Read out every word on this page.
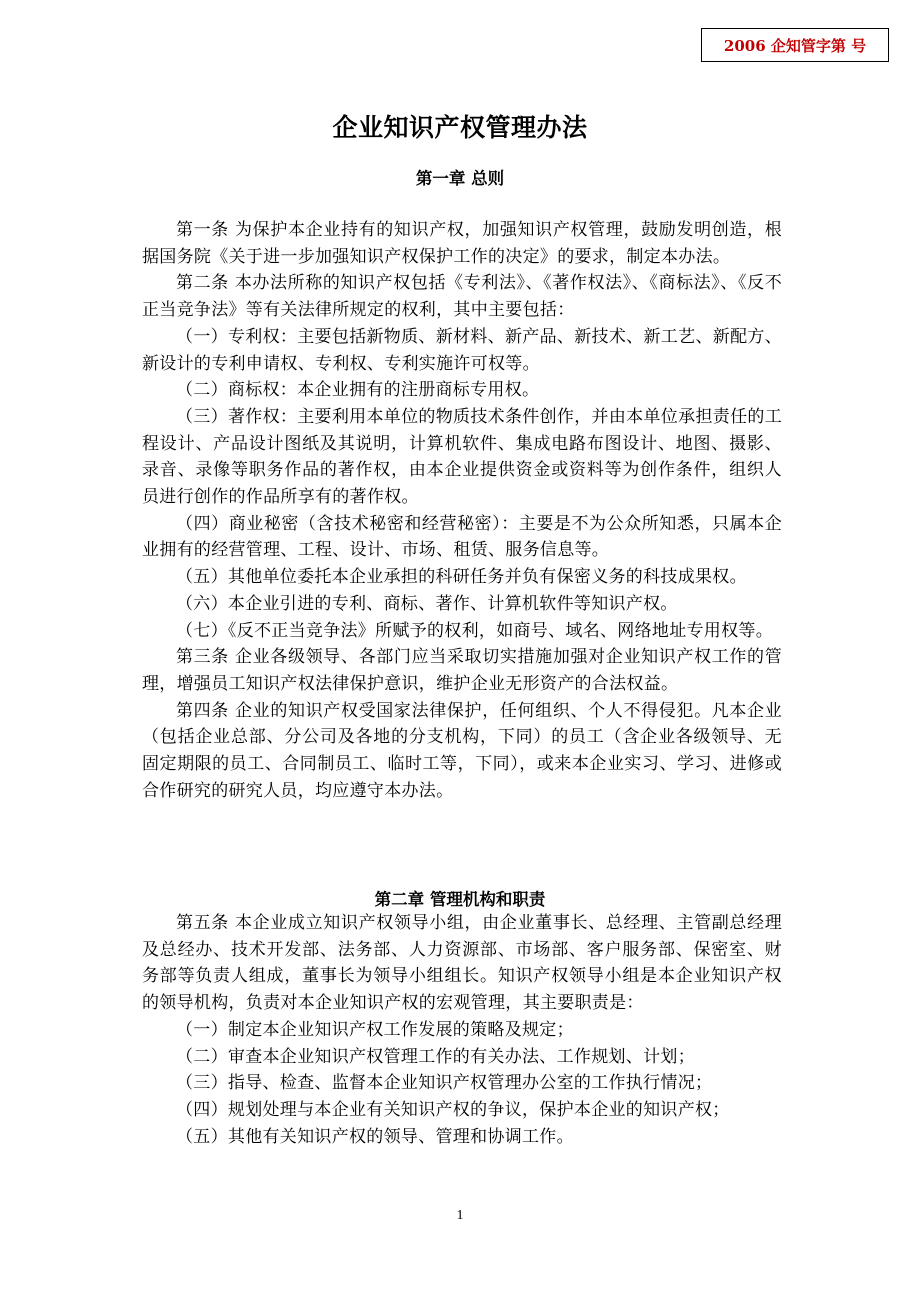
2006 企知管字第 号
企业知识产权管理办法
第一章 总则

第一条 为保护本企业持有的知识产权，加强知识产权管理，鼓励发明创造，根据国务院《关于进一步加强知识产权保护工作的决定》的要求，制定本办法。

第二条 本办法所称的知识产权包括《专利法》、《著作权法》、《商标法》、《反不正当竞争法》等有关法律所规定的权利，其中主要包括：

（一）专利权：主要包括新物质、新材料、新产品、新技术、新工艺、新配方、新设计的专利申请权、专利权、专利实施许可权等。

（二）商标权：本企业拥有的注册商标专用权。

（三）著作权：主要利用本单位的物质技术条件创作，并由本单位承担责任的工程设计、产品设计图纸及其说明，计算机软件、集成电路布图设计、地图、摄影、录音、录像等职务作品的著作权，由本企业提供资金或资料等为创作条件，组织人员进行创作的作品所享有的著作权。

（四）商业秘密（含技术秘密和经营秘密）：主要是不为公众所知悉，只属本企业拥有的经营管理、工程、设计、市场、租赁、服务信息等。

（五）其他单位委托本企业承担的科研任务并负有保密义务的科技成果权。

（六）本企业引进的专利、商标、著作、计算机软件等知识产权。

（七）《反不正当竞争法》所赋予的权利，如商号、域名、网络地址专用权等。

第三条 企业各级领导、各部门应当采取切实措施加强对企业知识产权工作的管理，增强员工知识产权法律保护意识，维护企业无形资产的合法权益。

第四条 企业的知识产权受国家法律保护，任何组织、个人不得侵犯。凡本企业（包括企业总部、分公司及各地的分支机构，下同）的员工（含企业各级领导、无固定期限的员工、合同制员工、临时工等，下同），或来本企业实习、学习、进修或合作研究的研究人员，均应遵守本办法。

第二章 管理机构和职责

第五条 本企业成立知识产权领导小组，由企业董事长、总经理、主管副总经理及总经办、技术开发部、法务部、人力资源部、市场部、客户服务部、保密室、财务部等负责人组成，董事长为领导小组组长。知识产权领导小组是本企业知识产权的领导机构，负责对本企业知识产权的宏观管理，其主要职责是：

（一）制定本企业知识产权工作发展的策略及规定；

（二）审查本企业知识产权管理工作的有关办法、工作规划、计划；

（三）指导、检查、监督本企业知识产权管理办公室的工作执行情况；

（四）规划处理与本企业有关知识产权的争议，保护本企业的知识产权；

（五）其他有关知识产权的领导、管理和协调工作。

1
